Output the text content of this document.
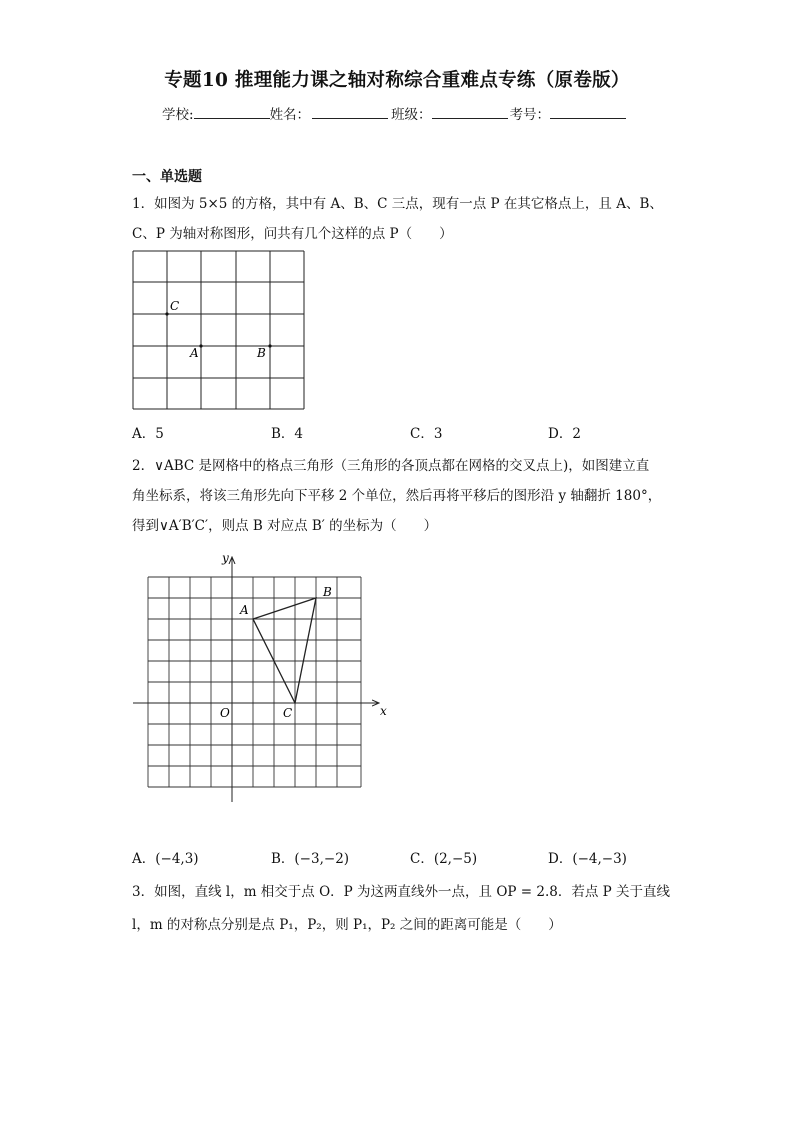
专题10 推理能力课之轴对称综合重难点专练（原卷版）
学校:	姓名：	班级：	考号：
一、单选题
1．如图为 5×5 的方格，其中有 A、B、C 三点，现有一点 P 在其它格点上，且 A、B、
C、P 为轴对称图形，问共有几个这样的点 P（　　）
C
A	B
A．5	B．4	C．3	D．2
2．∨ABC 是网格中的格点三角形（三角形的各顶点都在网格的交叉点上)，如图建立直
角坐标系，将该三角形先向下平移 2 个单位，然后再将平移后的图形沿 y 轴翻折 180°，
得到∨A′B′C′，则点 B 对应点 B′ 的坐标为（　　）
y
x
O
A
B
C
A．(−4,3)	B．(−3,−2)	C．(2,−5)	D．(−4,−3)
3．如图，直线 l，m 相交于点 O．P 为这两直线外一点，且 OP = 2.8．若点 P 关于直线
l，m 的对称点分别是点 P₁，P₂，则 P₁，P₂ 之间的距离可能是（　　）
